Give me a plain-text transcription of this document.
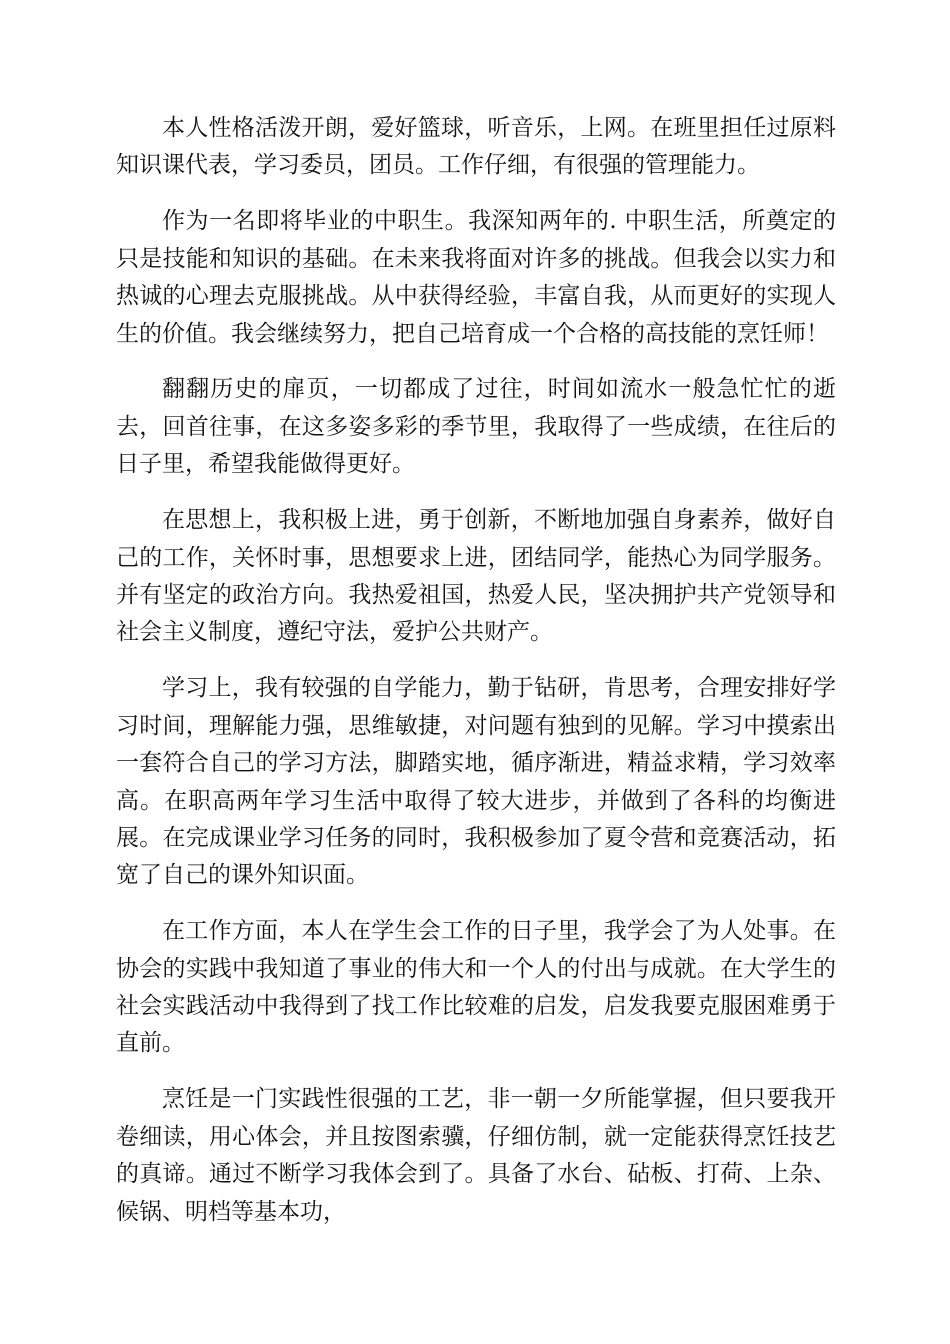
本人性格活泼开朗，爱好篮球，听音乐，上网。在班里担任过原料知识课代表，学习委员，团员。工作仔细，有很强的管理能力。

作为一名即将毕业的中职生。我深知两年的. 中职生活，所奠定的只是技能和知识的基础。在未来我将面对许多的挑战。但我会以实力和热诚的心理去克服挑战。从中获得经验，丰富自我，从而更好的实现人生的价值。我会继续努力，把自己培育成一个合格的高技能的烹饪师！

翻翻历史的扉页，一切都成了过往，时间如流水一般急忙忙的逝去，回首往事，在这多姿多彩的季节里，我取得了一些成绩，在往后的日子里，希望我能做得更好。

在思想上，我积极上进，勇于创新，不断地加强自身素养，做好自己的工作，关怀时事，思想要求上进，团结同学，能热心为同学服务。并有坚定的政治方向。我热爱祖国，热爱人民，坚决拥护共产党领导和社会主义制度，遵纪守法，爱护公共财产。

学习上，我有较强的自学能力，勤于钻研，肯思考，合理安排好学习时间，理解能力强，思维敏捷，对问题有独到的见解。学习中摸索出一套符合自己的学习方法，脚踏实地，循序渐进，精益求精，学习效率高。在职高两年学习生活中取得了较大进步，并做到了各科的均衡进展。在完成课业学习任务的同时，我积极参加了夏令营和竞赛活动，拓宽了自己的课外知识面。

在工作方面，本人在学生会工作的日子里，我学会了为人处事。在协会的实践中我知道了事业的伟大和一个人的付出与成就。在大学生的社会实践活动中我得到了找工作比较难的启发，启发我要克服困难勇于直前。

烹饪是一门实践性很强的工艺，非一朝一夕所能掌握，但只要我开卷细读，用心体会，并且按图索骥，仔细仿制，就一定能获得烹饪技艺的真谛。通过不断学习我体会到了。具备了水台、砧板、打荷、上杂、候锅、明档等基本功，
